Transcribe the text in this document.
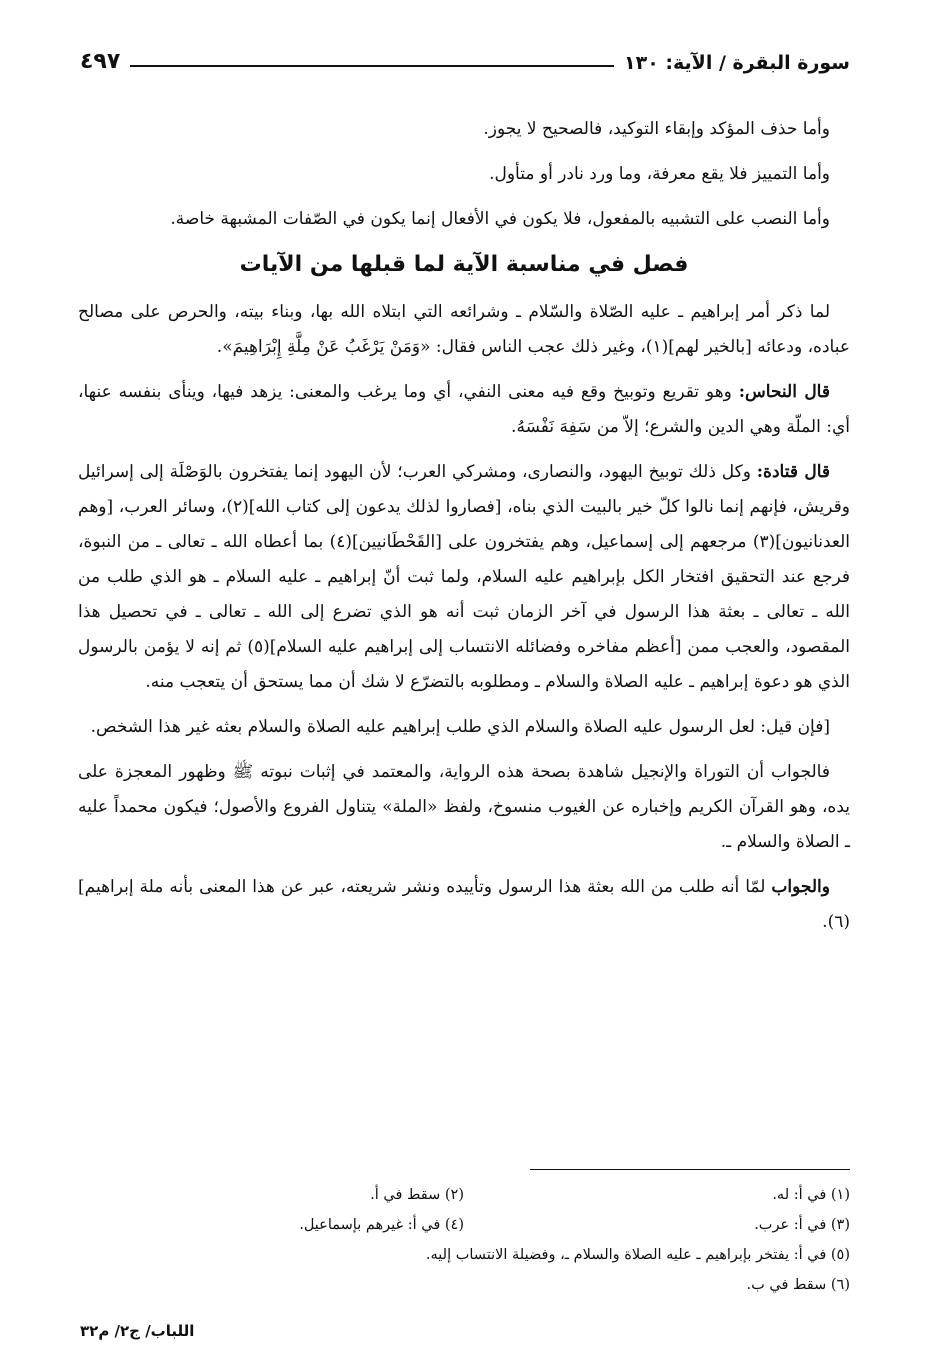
سورة البقرة / الآية: ١٣٠
٤٩٧

وأما حذف المؤكد وإبقاء التوكيد، فالصحيح لا يجوز.

وأما التمييز فلا يقع معرفة، وما ورد نادر أو متأول.

وأما النصب على التشبيه بالمفعول، فلا يكون في الأفعال إنما يكون في الصّفات المشبهة خاصة.

فصل في مناسبة الآية لما قبلها من الآيات

لما ذكر أمر إبراهيم ـ عليه الصّلاة والسّلام ـ وشرائعه التي ابتلاه الله بها، وبناء بيته، والحرص على مصالح عباده، ودعائه [بالخير لهم](١)، وغير ذلك عجب الناس فقال: «وَمَنْ يَرْغَبُ عَنْ مِلَّةِ إِبْرَاهِيمَ».

قال النحاس: وهو تقريع وتوبيخ وقع فيه معنى النفي، أي وما يرغب والمعنى: يزهد فيها، وينأى بنفسه عنها، أي: الملّة وهي الدين والشرع؛ إلاّ من سَفِهَ نَفْسَهُ.

قال قتادة: وكل ذلك توبيخ اليهود، والنصارى، ومشركي العرب؛ لأن اليهود إنما يفتخرون بالوَصْلَة إلى إسرائيل وقريش، فإنهم إنما نالوا كلّ خير بالبيت الذي بناه، [فصاروا لذلك يدعون إلى كتاب الله](٢)، وسائر العرب، [وهم العدنانيون](٣) مرجعهم إلى إسماعيل، وهم يفتخرون على [القَحْطَانيين](٤) بما أعطاه الله ـ تعالى ـ من النبوة، فرجع عند التحقيق افتخار الكل بإبراهيم عليه السلام، ولما ثبت أنّ إبراهيم ـ عليه السلام ـ هو الذي طلب من الله ـ تعالى ـ بعثة هذا الرسول في آخر الزمان ثبت أنه هو الذي تضرع إلى الله ـ تعالى ـ في تحصيل هذا المقصود، والعجب ممن [أعظم مفاخره وفضائله الانتساب إلى إبراهيم عليه السلام](٥) ثم إنه لا يؤمن بالرسول الذي هو دعوة إبراهيم ـ عليه الصلاة والسلام ـ ومطلوبه بالتضرّع لا شك أن مما يستحق أن يتعجب منه.

[فإن قيل: لعل الرسول عليه الصلاة والسلام الذي طلب إبراهيم عليه الصلاة والسلام بعثه غير هذا الشخص.

فالجواب أن التوراة والإنجيل شاهدة بصحة هذه الرواية، والمعتمد في إثبات نبوته ﷺ وظهور المعجزة على يده، وهو القرآن الكريم وإخباره عن الغيوب منسوخ، ولفظ «الملة» يتناول الفروع والأصول؛ فيكون محمداً عليه ـ الصلاة والسلام ـ.

والجواب لمّا أنه طلب من الله بعثة هذا الرسول وتأييده ونشر شريعته، عبر عن هذا المعنى بأنه ملة إبراهيم](٦).

(١) في أ: له.
(٢) سقط في أ.
(٣) في أ: عرب.
(٤) في أ: غيرهم بإسماعيل.
(٥) في أ: يفتخر بإبراهيم ـ عليه الصلاة والسلام ـ، وفضيلة الانتساب إليه.
(٦) سقط في ب.
اللباب/ ج٢/ م٣٢
